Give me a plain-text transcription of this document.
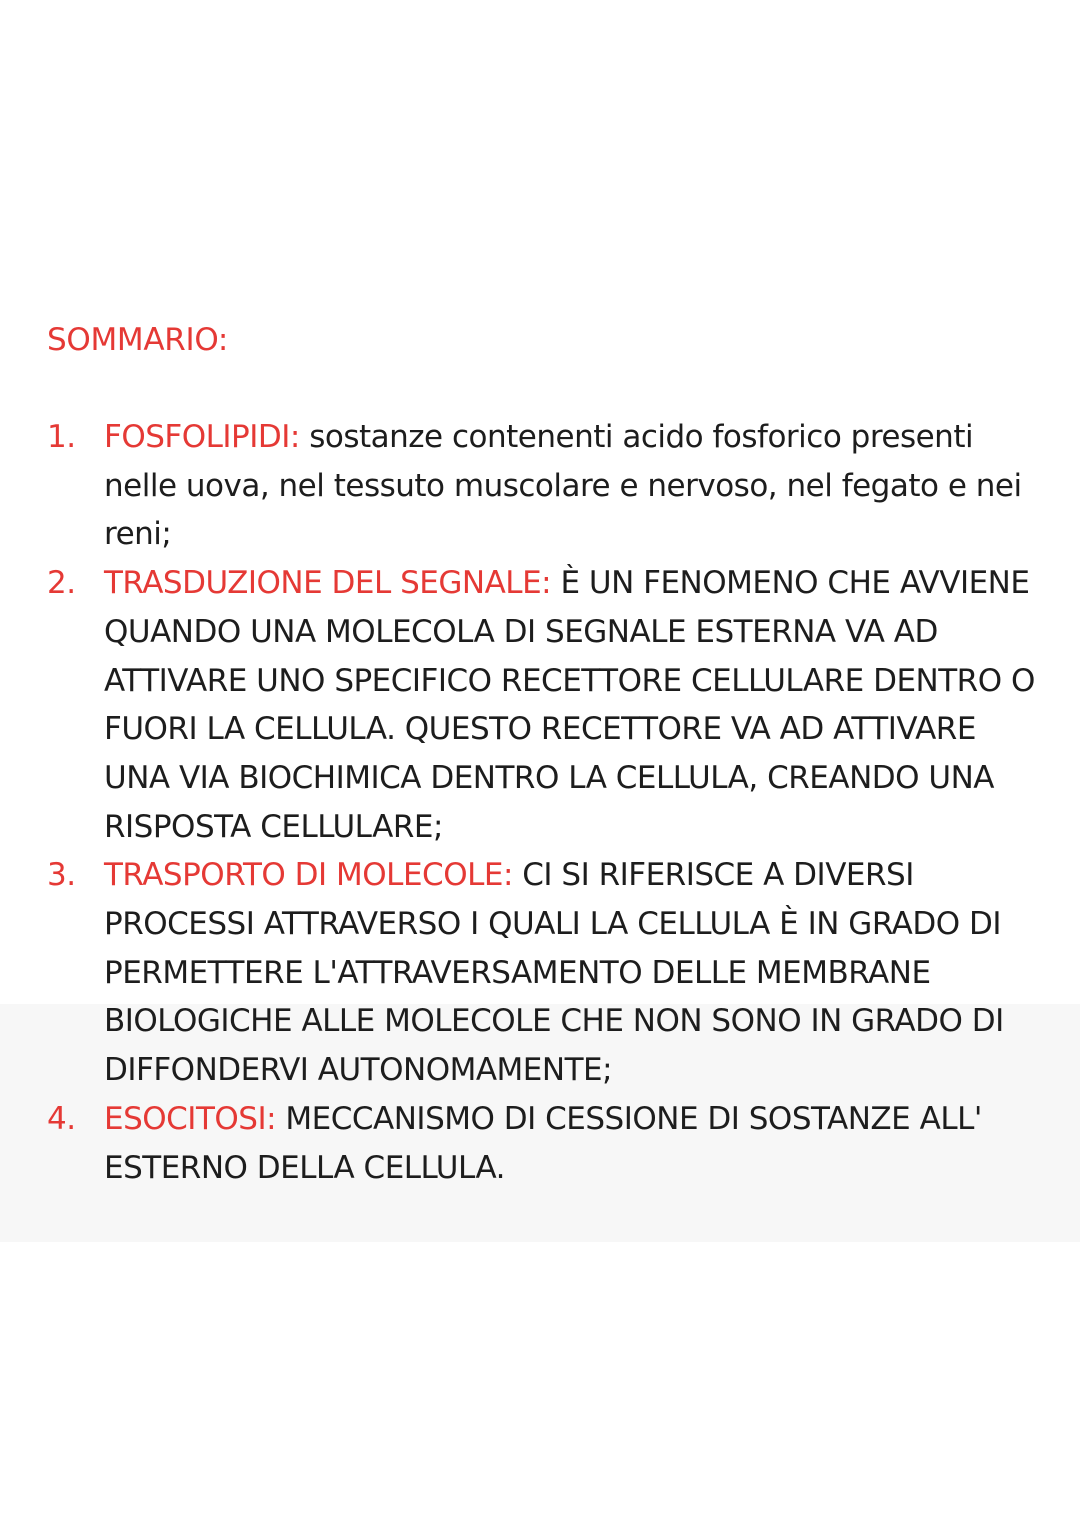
SOMMARIO:
1. FOSFOLIPIDI: sostanze contenenti acido fosforico presenti nelle uova, nel tessuto muscolare e nervoso, nel fegato e nei reni;
2. TRASDUZIONE DEL SEGNALE: È UN FENOMENO CHE AVVIENE QUANDO UNA MOLECOLA DI SEGNALE ESTERNA VA AD ATTIVARE UNO SPECIFICO RECETTORE CELLULARE DENTRO O FUORI LA CELLULA. QUESTO RECETTORE VA AD ATTIVARE UNA VIA BIOCHIMICA DENTRO LA CELLULA, CREANDO UNA RISPOSTA CELLULARE;
3. TRASPORTO DI MOLECOLE: CI SI RIFERISCE A DIVERSI PROCESSI ATTRAVERSO I QUALI LA CELLULA È IN GRADO DI PERMETTERE L'ATTRAVERSAMENTO DELLE MEMBRANE BIOLOGICHE ALLE MOLECOLE CHE NON SONO IN GRADO DI DIFFONDERVI AUTONOMAMENTE;
4. ESOCITOSI: MECCANISMO DI CESSIONE DI SOSTANZE ALL' ESTERNO DELLA CELLULA.
